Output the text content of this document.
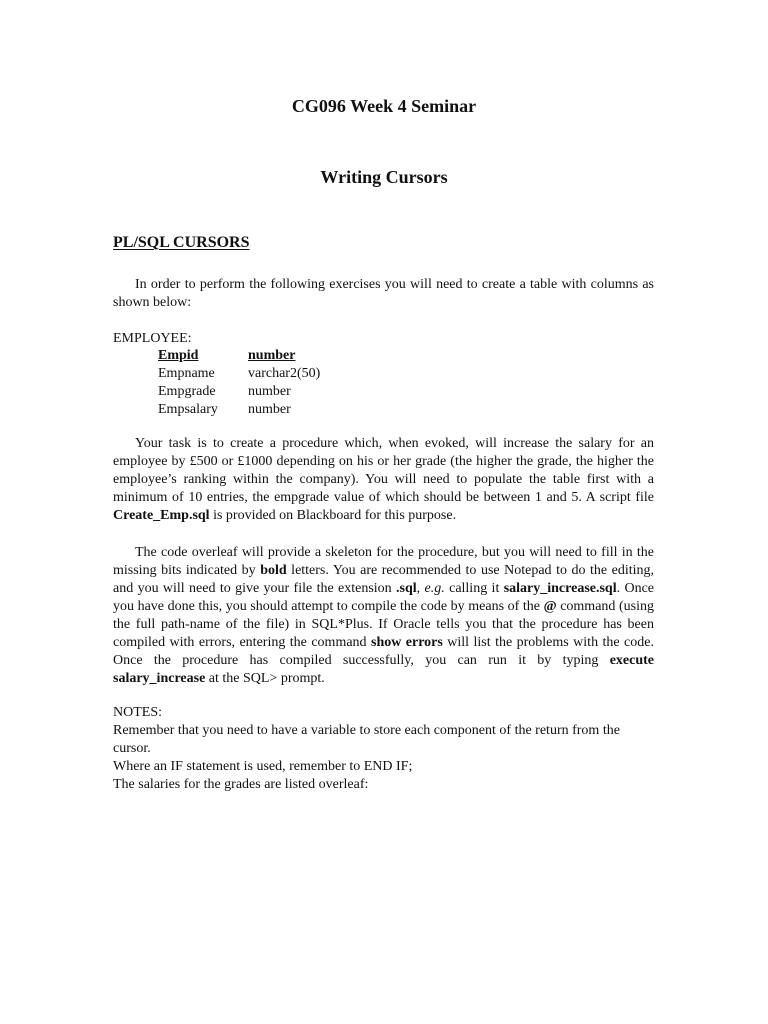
CG096 Week 4 Seminar
Writing Cursors
PL/SQL CURSORS

In order to perform the following exercises you will need to create a table with columns as shown below:

EMPLOYEE:
Empid	number
Empname	varchar2(50)
Empgrade	number
Empsalary	number

Your task is to create a procedure which, when evoked, will increase the salary for an employee by £500 or £1000 depending on his or her grade (the higher the grade, the higher the employee’s ranking within the company). You will need to populate the table first with a minimum of 10 entries, the empgrade value of which should be between 1 and 5. A script file Create_Emp.sql is provided on Blackboard for this purpose.

The code overleaf will provide a skeleton for the procedure, but you will need to fill in the missing bits indicated by bold letters. You are recommended to use Notepad to do the editing, and you will need to give your file the extension .sql, e.g. calling it salary_increase.sql. Once you have done this, you should attempt to compile the code by means of the @ command (using the full path-name of the file) in SQL*Plus. If Oracle tells you that the procedure has been compiled with errors, entering the command show errors will list the problems with the code. Once the procedure has compiled successfully, you can run it by typing execute salary_increase at the SQL> prompt.

NOTES:
Remember that you need to have a variable to store each component of the return from the cursor.
Where an IF statement is used, remember to END IF;
The salaries for the grades are listed overleaf:
